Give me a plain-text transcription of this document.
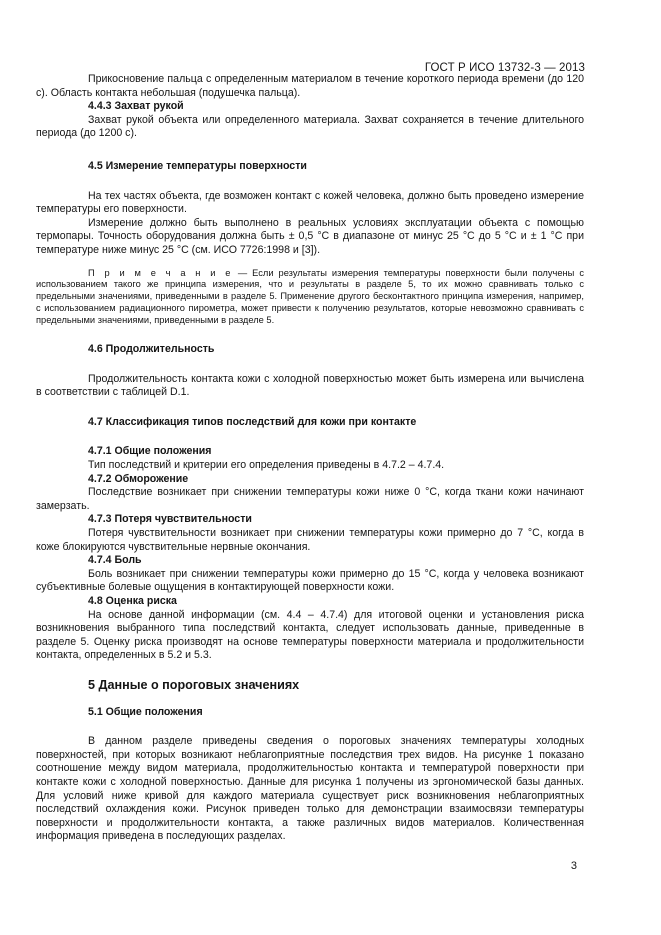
ГОСТ Р ИСО 13732-3 — 2013

Прикосновение пальца с определенным материалом в течение короткого периода времени (до 120 с). Область контакта небольшая (подушечка пальца).

4.4.3 Захват рукой

Захват рукой объекта или определенного материала. Захват сохраняется в течение длительного периода (до 1200 с).

4.5 Измерение температуры поверхности

На тех частях объекта, где возможен контакт с кожей человека, должно быть проведено измерение температуры его поверхности.

Измерение должно быть выполнено в реальных условиях эксплуатации объекта с помощью термопары. Точность оборудования должна быть ± 0,5 °С в диапазоне от минус 25 °С до 5 °С и ± 1 °С при температуре ниже минус 25 °С (см. ИСО 7726:1998 и [3]).

П р и м е ч а н и е — Если результаты измерения температуры поверхности были получены с использованием такого же принципа измерения, что и результаты в разделе 5, то их можно сравнивать только с предельными значениями, приведенными в разделе 5. Применение другого бесконтактного принципа измерения, например, с использованием радиационного пирометра, может привести к получению результатов, которые невозможно сравнивать с предельными значениями, приведенными в разделе 5.

4.6 Продолжительность

Продолжительность контакта кожи с холодной поверхностью может быть измерена или вычислена в соответствии с таблицей D.1.

4.7 Классификация типов последствий для кожи при контакте

4.7.1 Общие положения

Тип последствий и критерии его определения приведены в 4.7.2 – 4.7.4.

4.7.2 Обморожение

Последствие возникает при снижении температуры кожи ниже 0 °С, когда ткани кожи начинают замерзать.

4.7.3 Потеря чувствительности

Потеря чувствительности возникает при снижении температуры кожи примерно до 7 °С, когда в коже блокируются чувствительные нервные окончания.

4.7.4 Боль

Боль возникает при снижении температуры кожи примерно до 15 °С, когда у человека возникают субъективные болевые ощущения в контактирующей поверхности кожи.

4.8 Оценка риска

На основе данной информации (см. 4.4 – 4.7.4) для итоговой оценки и установления риска возникновения выбранного типа последствий контакта, следует использовать данные, приведенные в разделе 5. Оценку риска производят на основе температуры поверхности материала и продолжительности контакта, определенных в 5.2 и 5.3.

5 Данные о пороговых значениях

5.1 Общие положения

В данном разделе приведены сведения о пороговых значениях температуры холодных поверхностей, при которых возникают неблагоприятные последствия трех видов. На рисунке 1 показано соотношение между видом материала, продолжительностью контакта и температурой поверхности при контакте кожи с холодной поверхностью. Данные для рисунка 1 получены из эргономической базы данных. Для условий ниже кривой для каждого материала существует риск возникновения неблагоприятных последствий охлаждения кожи. Рисунок приведен только для демонстрации взаимосвязи температуры поверхности и продолжительности контакта, а также различных видов материалов. Количественная информация приведена в последующих разделах.

3
